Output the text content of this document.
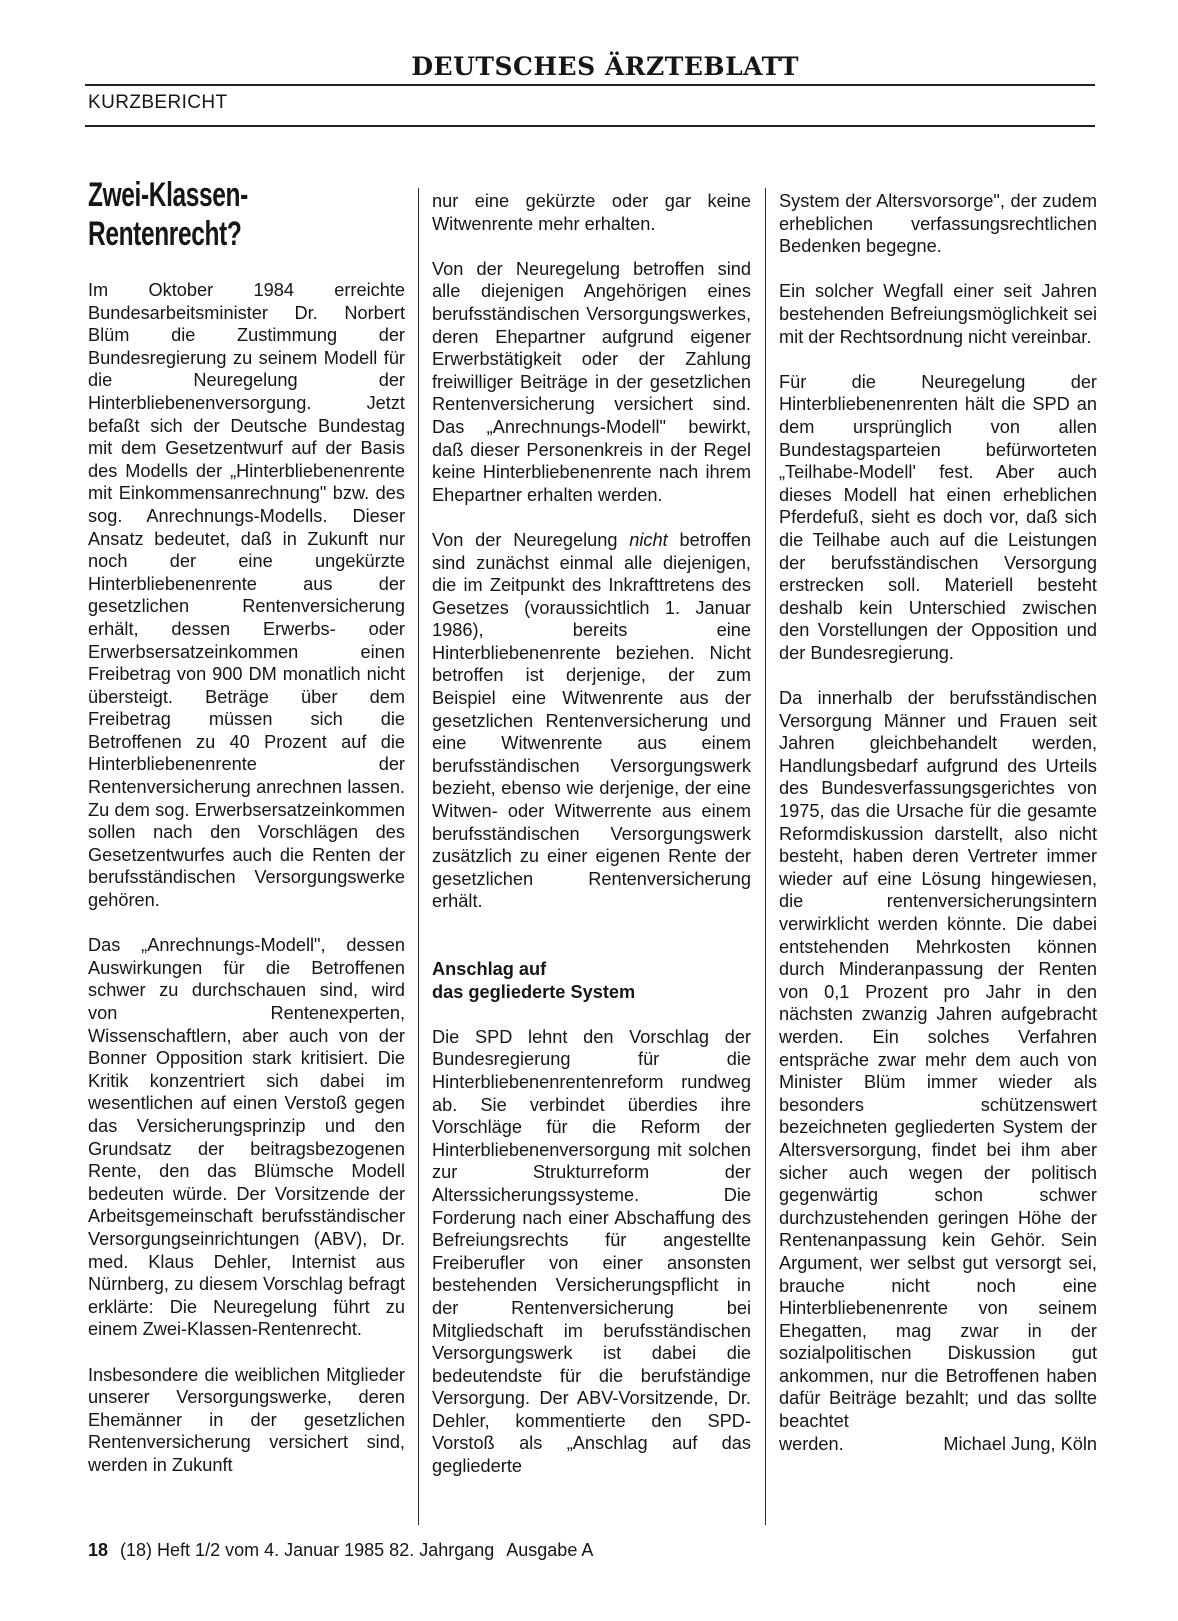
DEUTSCHES ÄRZTEBLATT
KURZBERICHT
Zwei-Klassen-
Rentenrecht?

Im Oktober 1984 erreichte Bundesarbeitsminister Dr. Norbert Blüm die Zustimmung der Bundesregierung zu seinem Modell für die Neuregelung der Hinterbliebenenversorgung. Jetzt befaßt sich der Deutsche Bundestag mit dem Gesetzentwurf auf der Basis des Modells der „Hinterbliebenenrente mit Einkommensanrechnung" bzw. des sog. Anrechnungs-Modells. Dieser Ansatz bedeutet, daß in Zukunft nur noch der eine ungekürzte Hinterbliebenenrente aus der gesetzlichen Rentenversicherung erhält, dessen Erwerbs- oder Erwerbsersatzeinkommen einen Freibetrag von 900 DM monatlich nicht übersteigt. Beträge über dem Freibetrag müssen sich die Betroffenen zu 40 Prozent auf die Hinterbliebenenrente der Rentenversicherung anrechnen lassen. Zu dem sog. Erwerbsersatzeinkommen sollen nach den Vorschlägen des Gesetzentwurfes auch die Renten der berufsständischen Versorgungswerke gehören.

Das „Anrechnungs-Modell", dessen Auswirkungen für die Betroffenen schwer zu durchschauen sind, wird von Rentenexperten, Wissenschaftlern, aber auch von der Bonner Opposition stark kritisiert. Die Kritik konzentriert sich dabei im wesentlichen auf einen Verstoß gegen das Versicherungsprinzip und den Grundsatz der beitragsbezogenen Rente, den das Blümsche Modell bedeuten würde. Der Vorsitzende der Arbeitsgemeinschaft berufsständischer Versorgungseinrichtungen (ABV), Dr. med. Klaus Dehler, Internist aus Nürnberg, zu diesem Vorschlag befragt erklärte: Die Neuregelung führt zu einem Zwei-Klassen-Rentenrecht.

Insbesondere die weiblichen Mitglieder unserer Versorgungswerke, deren Ehemänner in der gesetzlichen Rentenversicherung versichert sind, werden in Zukunft

nur eine gekürzte oder gar keine Witwenrente mehr erhalten.

Von der Neuregelung betroffen sind alle diejenigen Angehörigen eines berufsständischen Versorgungswerkes, deren Ehepartner aufgrund eigener Erwerbstätigkeit oder der Zahlung freiwilliger Beiträge in der gesetzlichen Rentenversicherung versichert sind. Das „Anrechnungs-Modell" bewirkt, daß dieser Personenkreis in der Regel keine Hinterbliebenenrente nach ihrem Ehepartner erhalten werden.

Von der Neuregelung nicht betroffen sind zunächst einmal alle diejenigen, die im Zeitpunkt des Inkrafttretens des Gesetzes (voraussichtlich 1. Januar 1986), bereits eine Hinterbliebenenrente beziehen. Nicht betroffen ist derjenige, der zum Beispiel eine Witwenrente aus der gesetzlichen Rentenversicherung und eine Witwenrente aus einem berufsständischen Versorgungswerk bezieht, ebenso wie derjenige, der eine Witwen- oder Witwerrente aus einem berufsständischen Versorgungswerk zusätzlich zu einer eigenen Rente der gesetzlichen Rentenversicherung erhält.

Anschlag auf
das gegliederte System

Die SPD lehnt den Vorschlag der Bundesregierung für die Hinterbliebenenrentenreform rundweg ab. Sie verbindet überdies ihre Vorschläge für die Reform der Hinterbliebenenversorgung mit solchen zur Strukturreform der Alterssicherungssysteme. Die Forderung nach einer Abschaffung des Befreiungsrechts für angestellte Freiberufler von einer ansonsten bestehenden Versicherungspflicht in der Rentenversicherung bei Mitgliedschaft im berufsständischen Versorgungswerk ist dabei die bedeutendste für die berufständige Versorgung. Der ABV-Vorsitzende, Dr. Dehler, kommentierte den SPD-Vorstoß als „Anschlag auf das gegliederte

System der Altersvorsorge", der zudem erheblichen verfassungsrechtlichen Bedenken begegne.

Ein solcher Wegfall einer seit Jahren bestehenden Befreiungsmöglichkeit sei mit der Rechtsordnung nicht vereinbar.

Für die Neuregelung der Hinterbliebenenrenten hält die SPD an dem ursprünglich von allen Bundestagsparteien befürworteten „Teilhabe-Modell' fest. Aber auch dieses Modell hat einen erheblichen Pferdefuß, sieht es doch vor, daß sich die Teilhabe auch auf die Leistungen der berufsständischen Versorgung erstrecken soll. Materiell besteht deshalb kein Unterschied zwischen den Vorstellungen der Opposition und der Bundesregierung.

Da innerhalb der berufsständischen Versorgung Männer und Frauen seit Jahren gleichbehandelt werden, Handlungsbedarf aufgrund des Urteils des Bundesverfassungsgerichtes von 1975, das die Ursache für die gesamte Reformdiskussion darstellt, also nicht besteht, haben deren Vertreter immer wieder auf eine Lösung hingewiesen, die rentenversicherungsintern verwirklicht werden könnte. Die dabei entstehenden Mehrkosten können durch Minderanpassung der Renten von 0,1 Prozent pro Jahr in den nächsten zwanzig Jahren aufgebracht werden. Ein solches Verfahren entspräche zwar mehr dem auch von Minister Blüm immer wieder als besonders schützenswert bezeichneten gegliederten System der Altersversorgung, findet bei ihm aber sicher auch wegen der politisch gegenwärtig schon schwer durchzustehenden geringen Höhe der Rentenanpassung kein Gehör. Sein Argument, wer selbst gut versorgt sei, brauche nicht noch eine Hinterbliebenenrente von seinem Ehegatten, mag zwar in der sozialpolitischen Diskussion gut ankommen, nur die Betroffenen haben dafür Beiträge bezahlt; und das sollte beachtet

werden.	Michael Jung, Köln
18 (18) Heft 1/2 vom 4. Januar 1985 82. Jahrgang Ausgabe A
